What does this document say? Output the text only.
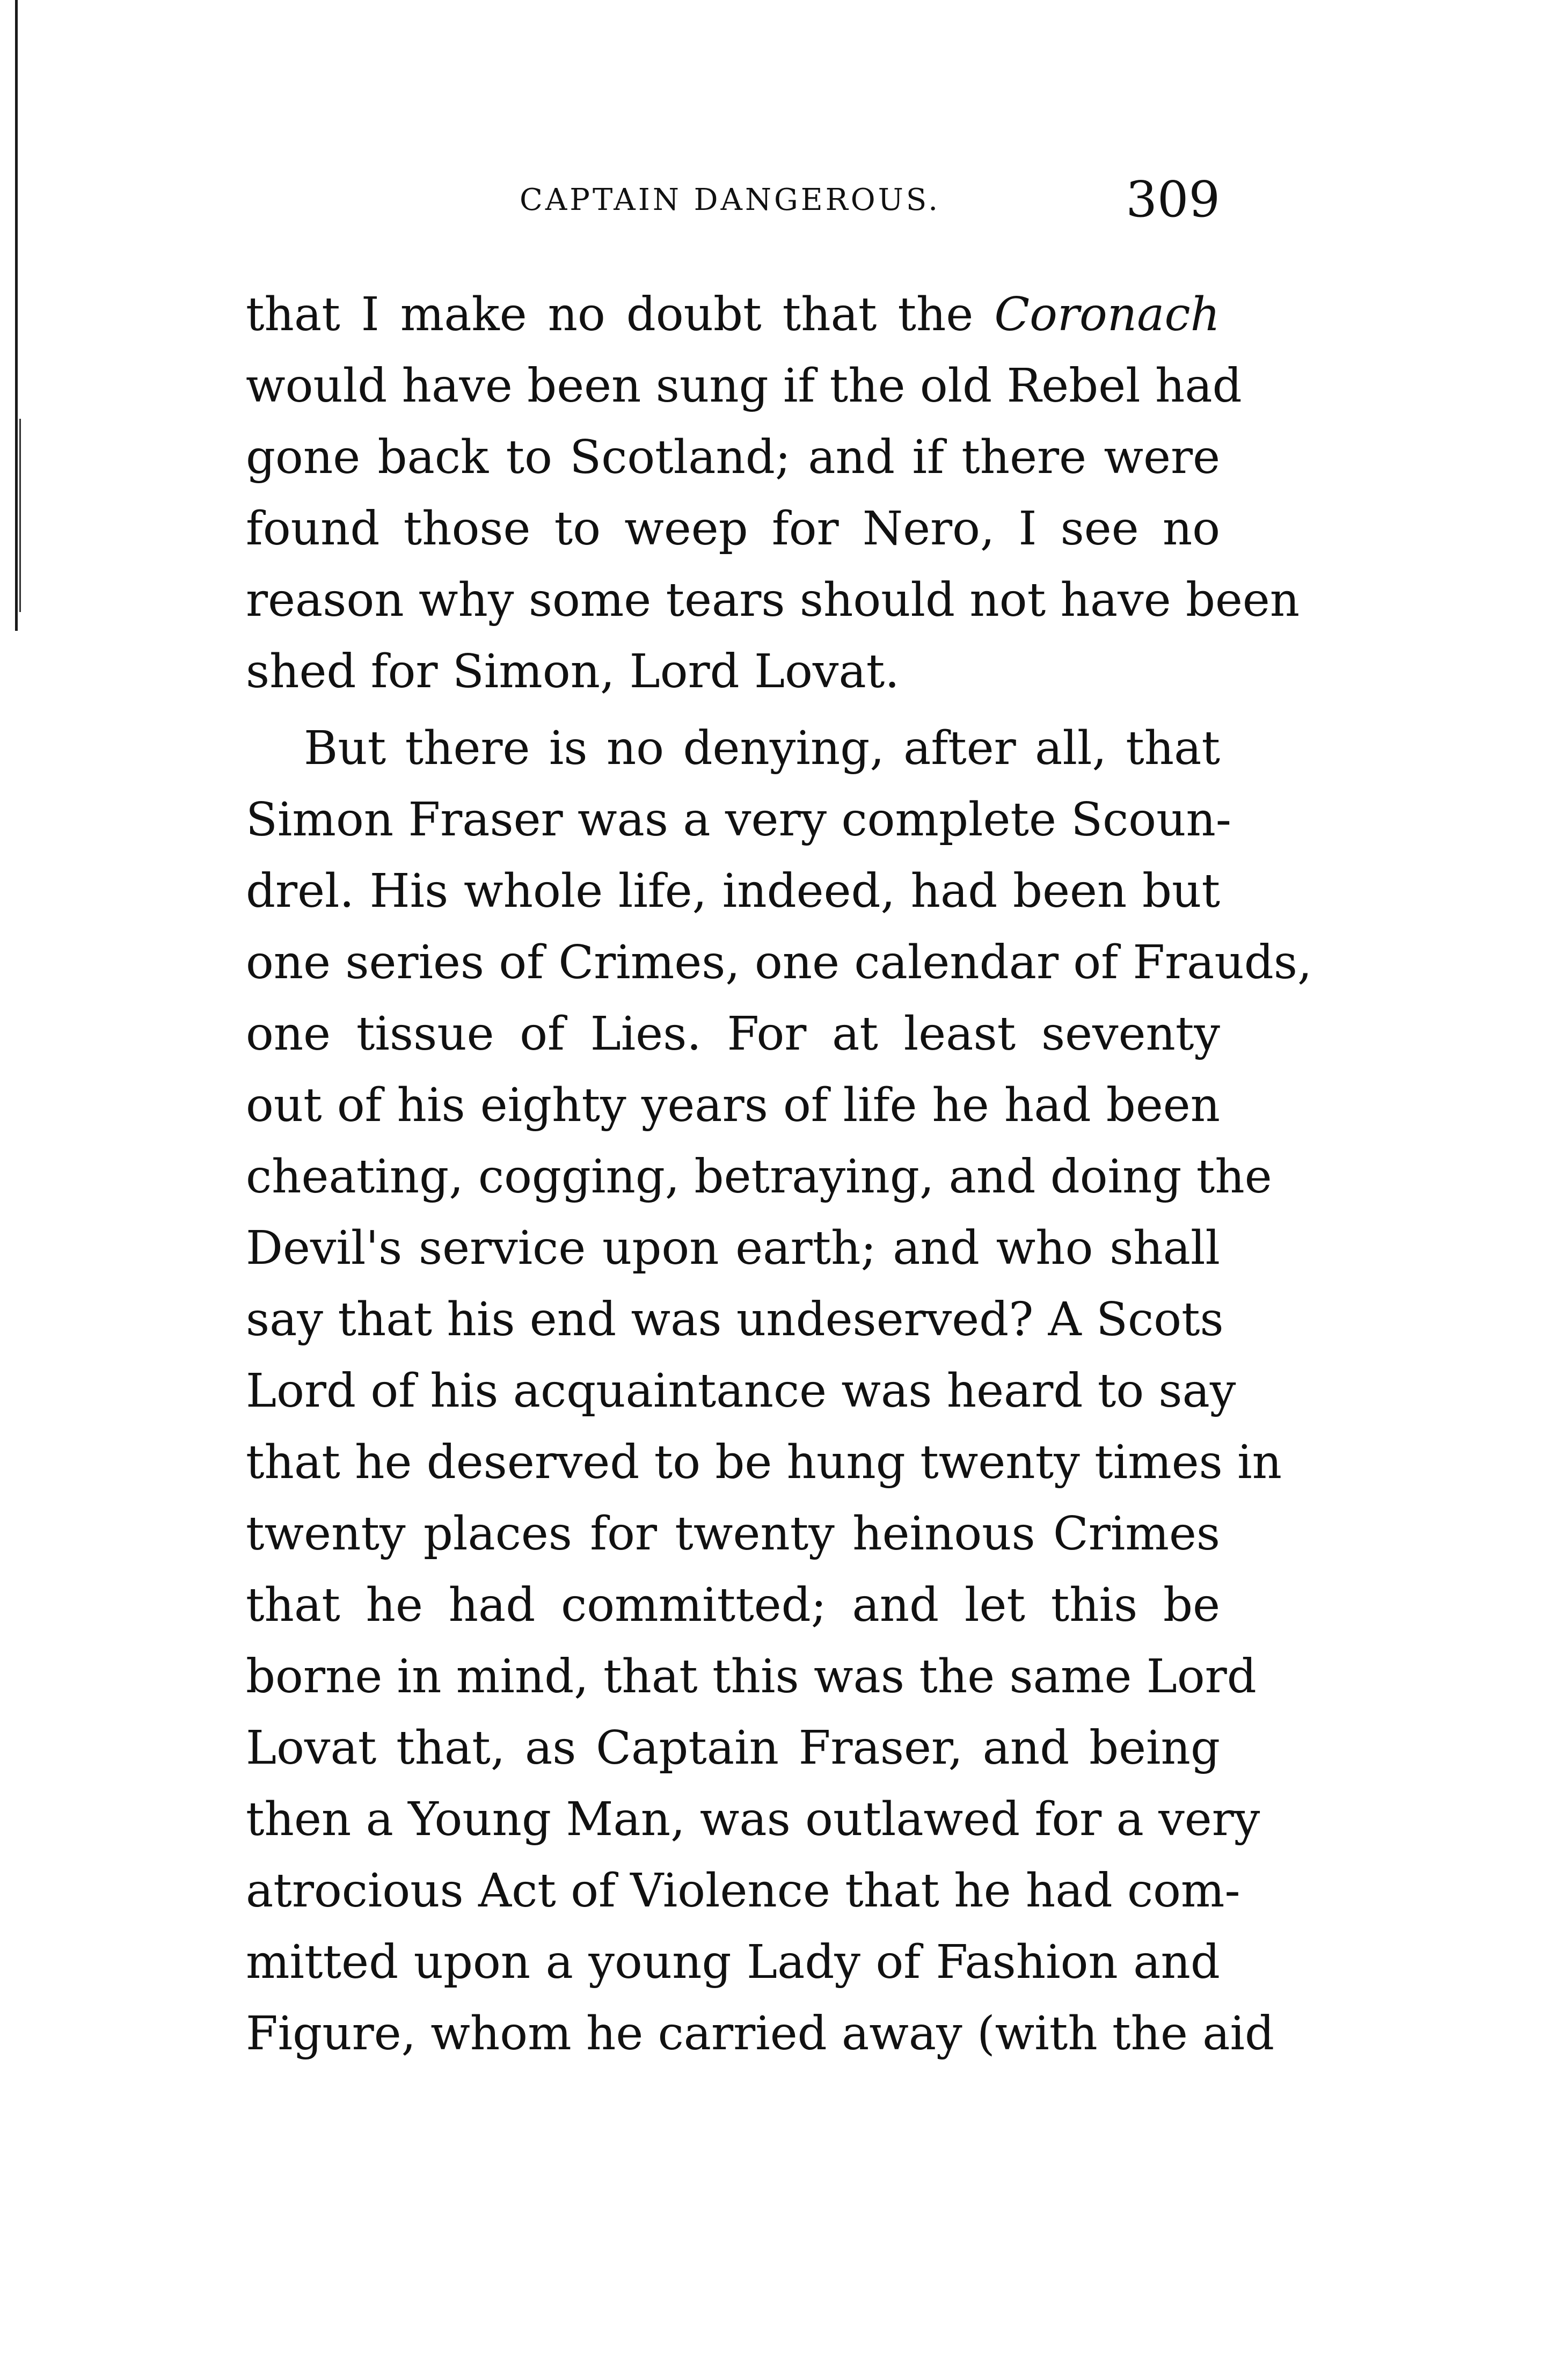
CAPTAIN DANGEROUS.	309
that I make no doubt that the Coronach
would have been sung if the old Rebel had
gone back to Scotland; and if there were
found those to weep for Nero, I see no
reason why some tears should not have been
shed for Simon, Lord Lovat.
But there is no denying, after all, that
Simon Fraser was a very complete Scoun-
drel. His whole life, indeed, had been but
one series of Crimes, one calendar of Frauds,
one tissue of Lies. For at least seventy
out of his eighty years of life he had been
cheating, cogging, betraying, and doing the
Devil's service upon earth; and who shall
say that his end was undeserved? A Scots
Lord of his acquaintance was heard to say
that he deserved to be hung twenty times in
twenty places for twenty heinous Crimes
that he had committed; and let this be
borne in mind, that this was the same Lord
Lovat that, as Captain Fraser, and being
then a Young Man, was outlawed for a very
atrocious Act of Violence that he had com-
mitted upon a young Lady of Fashion and
Figure, whom he carried away (with the aid
